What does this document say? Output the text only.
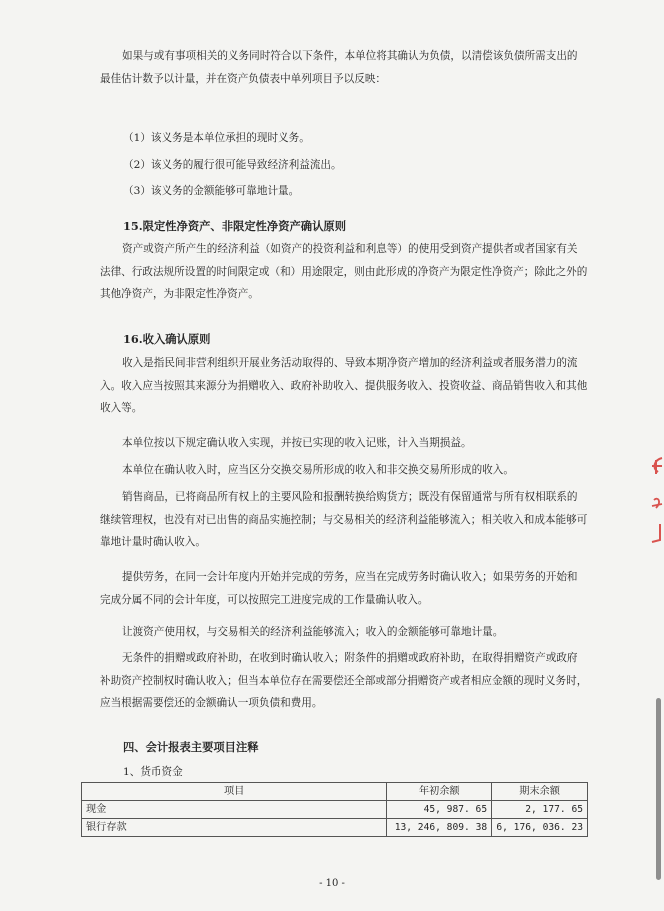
如果与或有事项相关的义务同时符合以下条件，本单位将其确认为负债，以清偿该负债所需支出的最佳估计数予以计量，并在资产负债表中单列项目予以反映：

（1）该义务是本单位承担的现时义务。

（2）该义务的履行很可能导致经济利益流出。

（3）该义务的金额能够可靠地计量。

15.限定性净资产、非限定性净资产确认原则

资产或资产所产生的经济利益（如资产的投资利益和利息等）的使用受到资产提供者或者国家有关法律、行政法规所设置的时间限定或（和）用途限定，则由此形成的净资产为限定性净资产；除此之外的其他净资产，为非限定性净资产。

16.收入确认原则

收入是指民间非营利组织开展业务活动取得的、导致本期净资产增加的经济利益或者服务潜力的流入。收入应当按照其来源分为捐赠收入、政府补助收入、提供服务收入、投资收益、商品销售收入和其他收入等。

本单位按以下规定确认收入实现，并按已实现的收入记账，计入当期损益。

本单位在确认收入时，应当区分交换交易所形成的收入和非交换交易所形成的收入。

销售商品，已将商品所有权上的主要风险和报酬转换给购货方；既没有保留通常与所有权相联系的继续管理权，也没有对已出售的商品实施控制；与交易相关的经济利益能够流入；相关收入和成本能够可靠地计量时确认收入。

提供劳务，在同一会计年度内开始并完成的劳务，应当在完成劳务时确认收入；如果劳务的开始和完成分属不同的会计年度，可以按照完工进度完成的工作量确认收入。

让渡资产使用权，与交易相关的经济利益能够流入；收入的金额能够可靠地计量。

无条件的捐赠或政府补助，在收到时确认收入；附条件的捐赠或政府补助，在取得捐赠资产或政府补助资产控制权时确认收入；但当本单位存在需要偿还全部或部分捐赠资产或者相应金额的现时义务时，应当根据需要偿还的金额确认一项负债和费用。

四、会计报表主要项目注释
1、货币资金
项目	年初余额	期末余额
现金	45, 987. 65	2, 177. 65
银行存款	13, 246, 809. 38	6, 176, 036. 23
- 10 -
